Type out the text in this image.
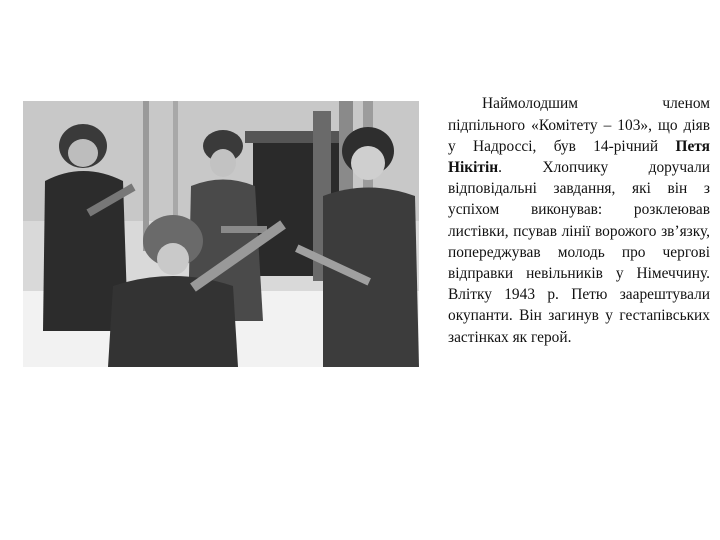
Наймолодшим членом підпільного «Комітету – 103», що діяв у Надроссі, був 14-річний Петя Нікітін. Хлопчику доручали відповідальні завдання, які він з успіхом виконував: розклеював листівки, псував лінії ворожого зв’язку, попереджував молодь про чергові відправки невільників у Німеччину. Влітку 1943 р. Петю заарештували окупанти. Він загинув у гестапівських застінках як герой.
